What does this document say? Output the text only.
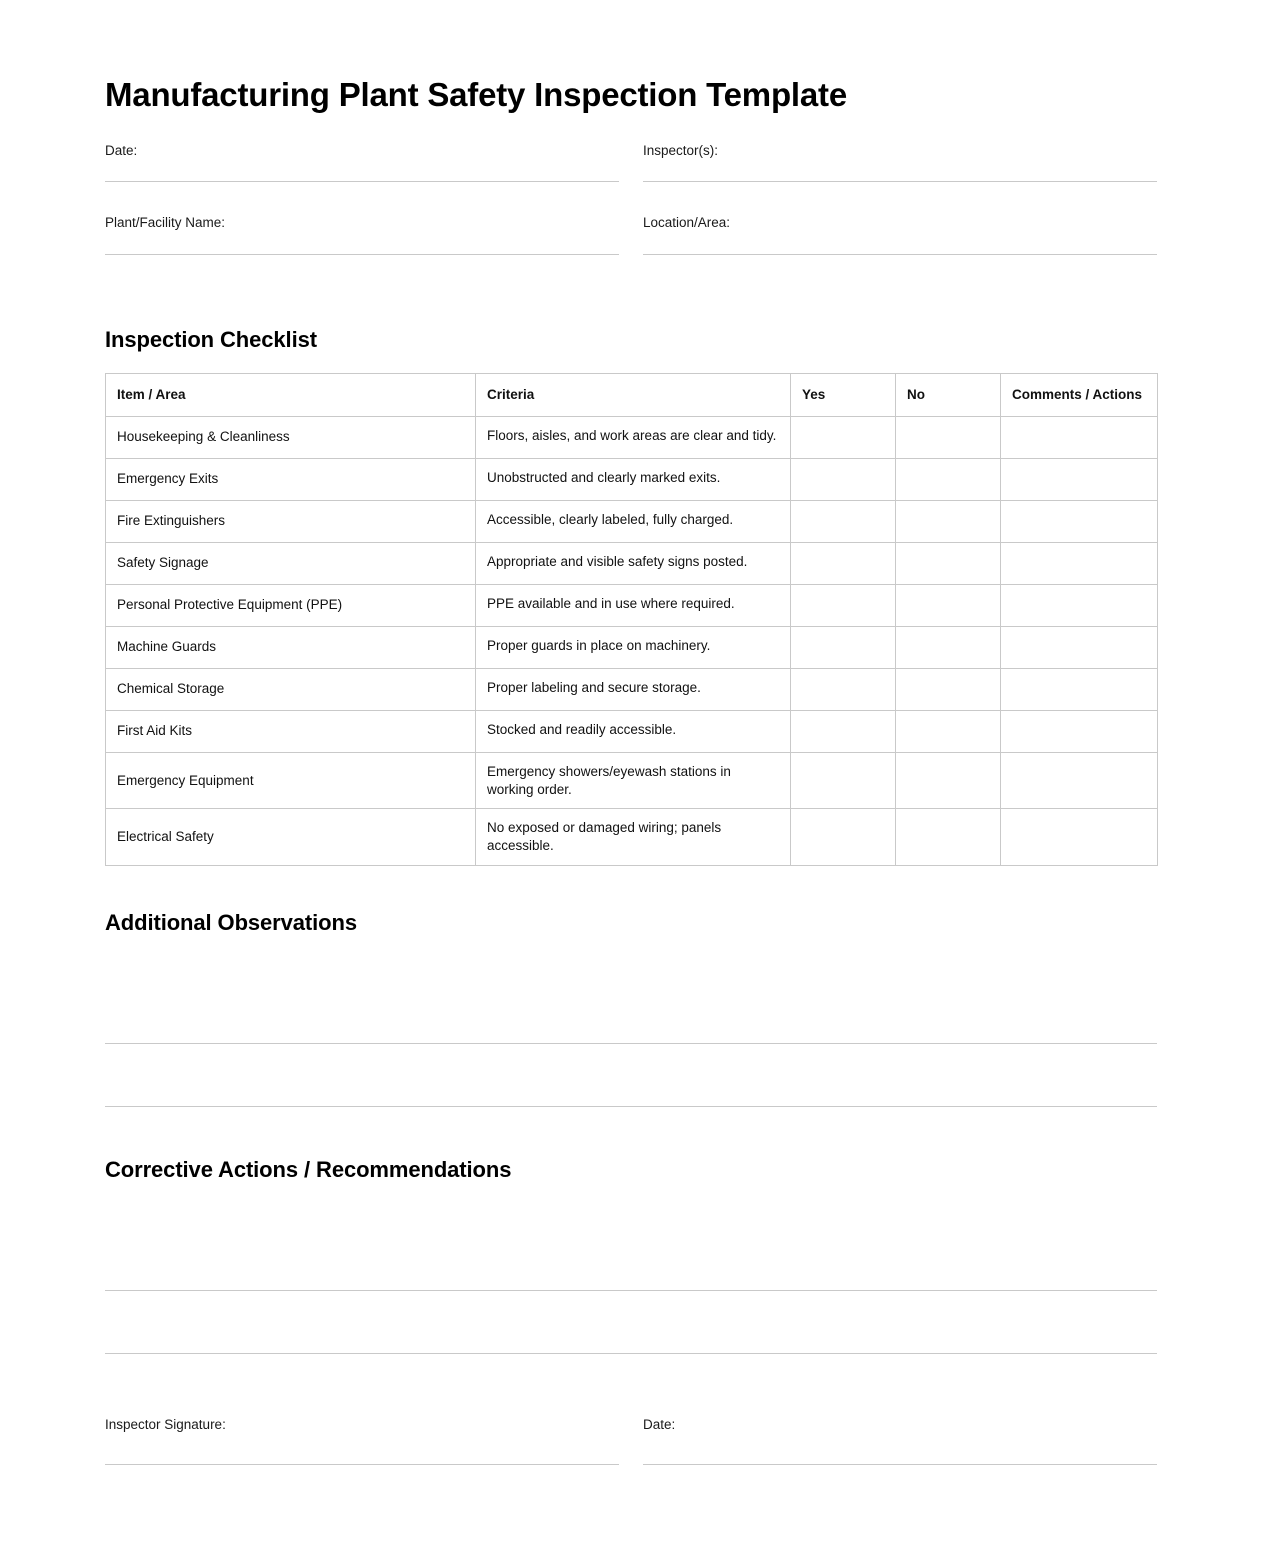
Manufacturing Plant Safety Inspection Template
Date:	Inspector(s):
Plant/Facility Name:	Location/Area:
Inspection Checklist
Item / Area	Criteria	Yes	No	Comments / Actions
Housekeeping & Cleanliness	Floors, aisles, and work areas are clear and tidy.			
Emergency Exits	Unobstructed and clearly marked exits.			
Fire Extinguishers	Accessible, clearly labeled, fully charged.			
Safety Signage	Appropriate and visible safety signs posted.			
Personal Protective Equipment (PPE)	PPE available and in use where required.			
Machine Guards	Proper guards in place on machinery.			
Chemical Storage	Proper labeling and secure storage.			
First Aid Kits	Stocked and readily accessible.			
Emergency Equipment	Emergency showers/eyewash stations in working order.			
Electrical Safety	No exposed or damaged wiring; panels accessible.			
Additional Observations
Corrective Actions / Recommendations
Inspector Signature:	Date:
